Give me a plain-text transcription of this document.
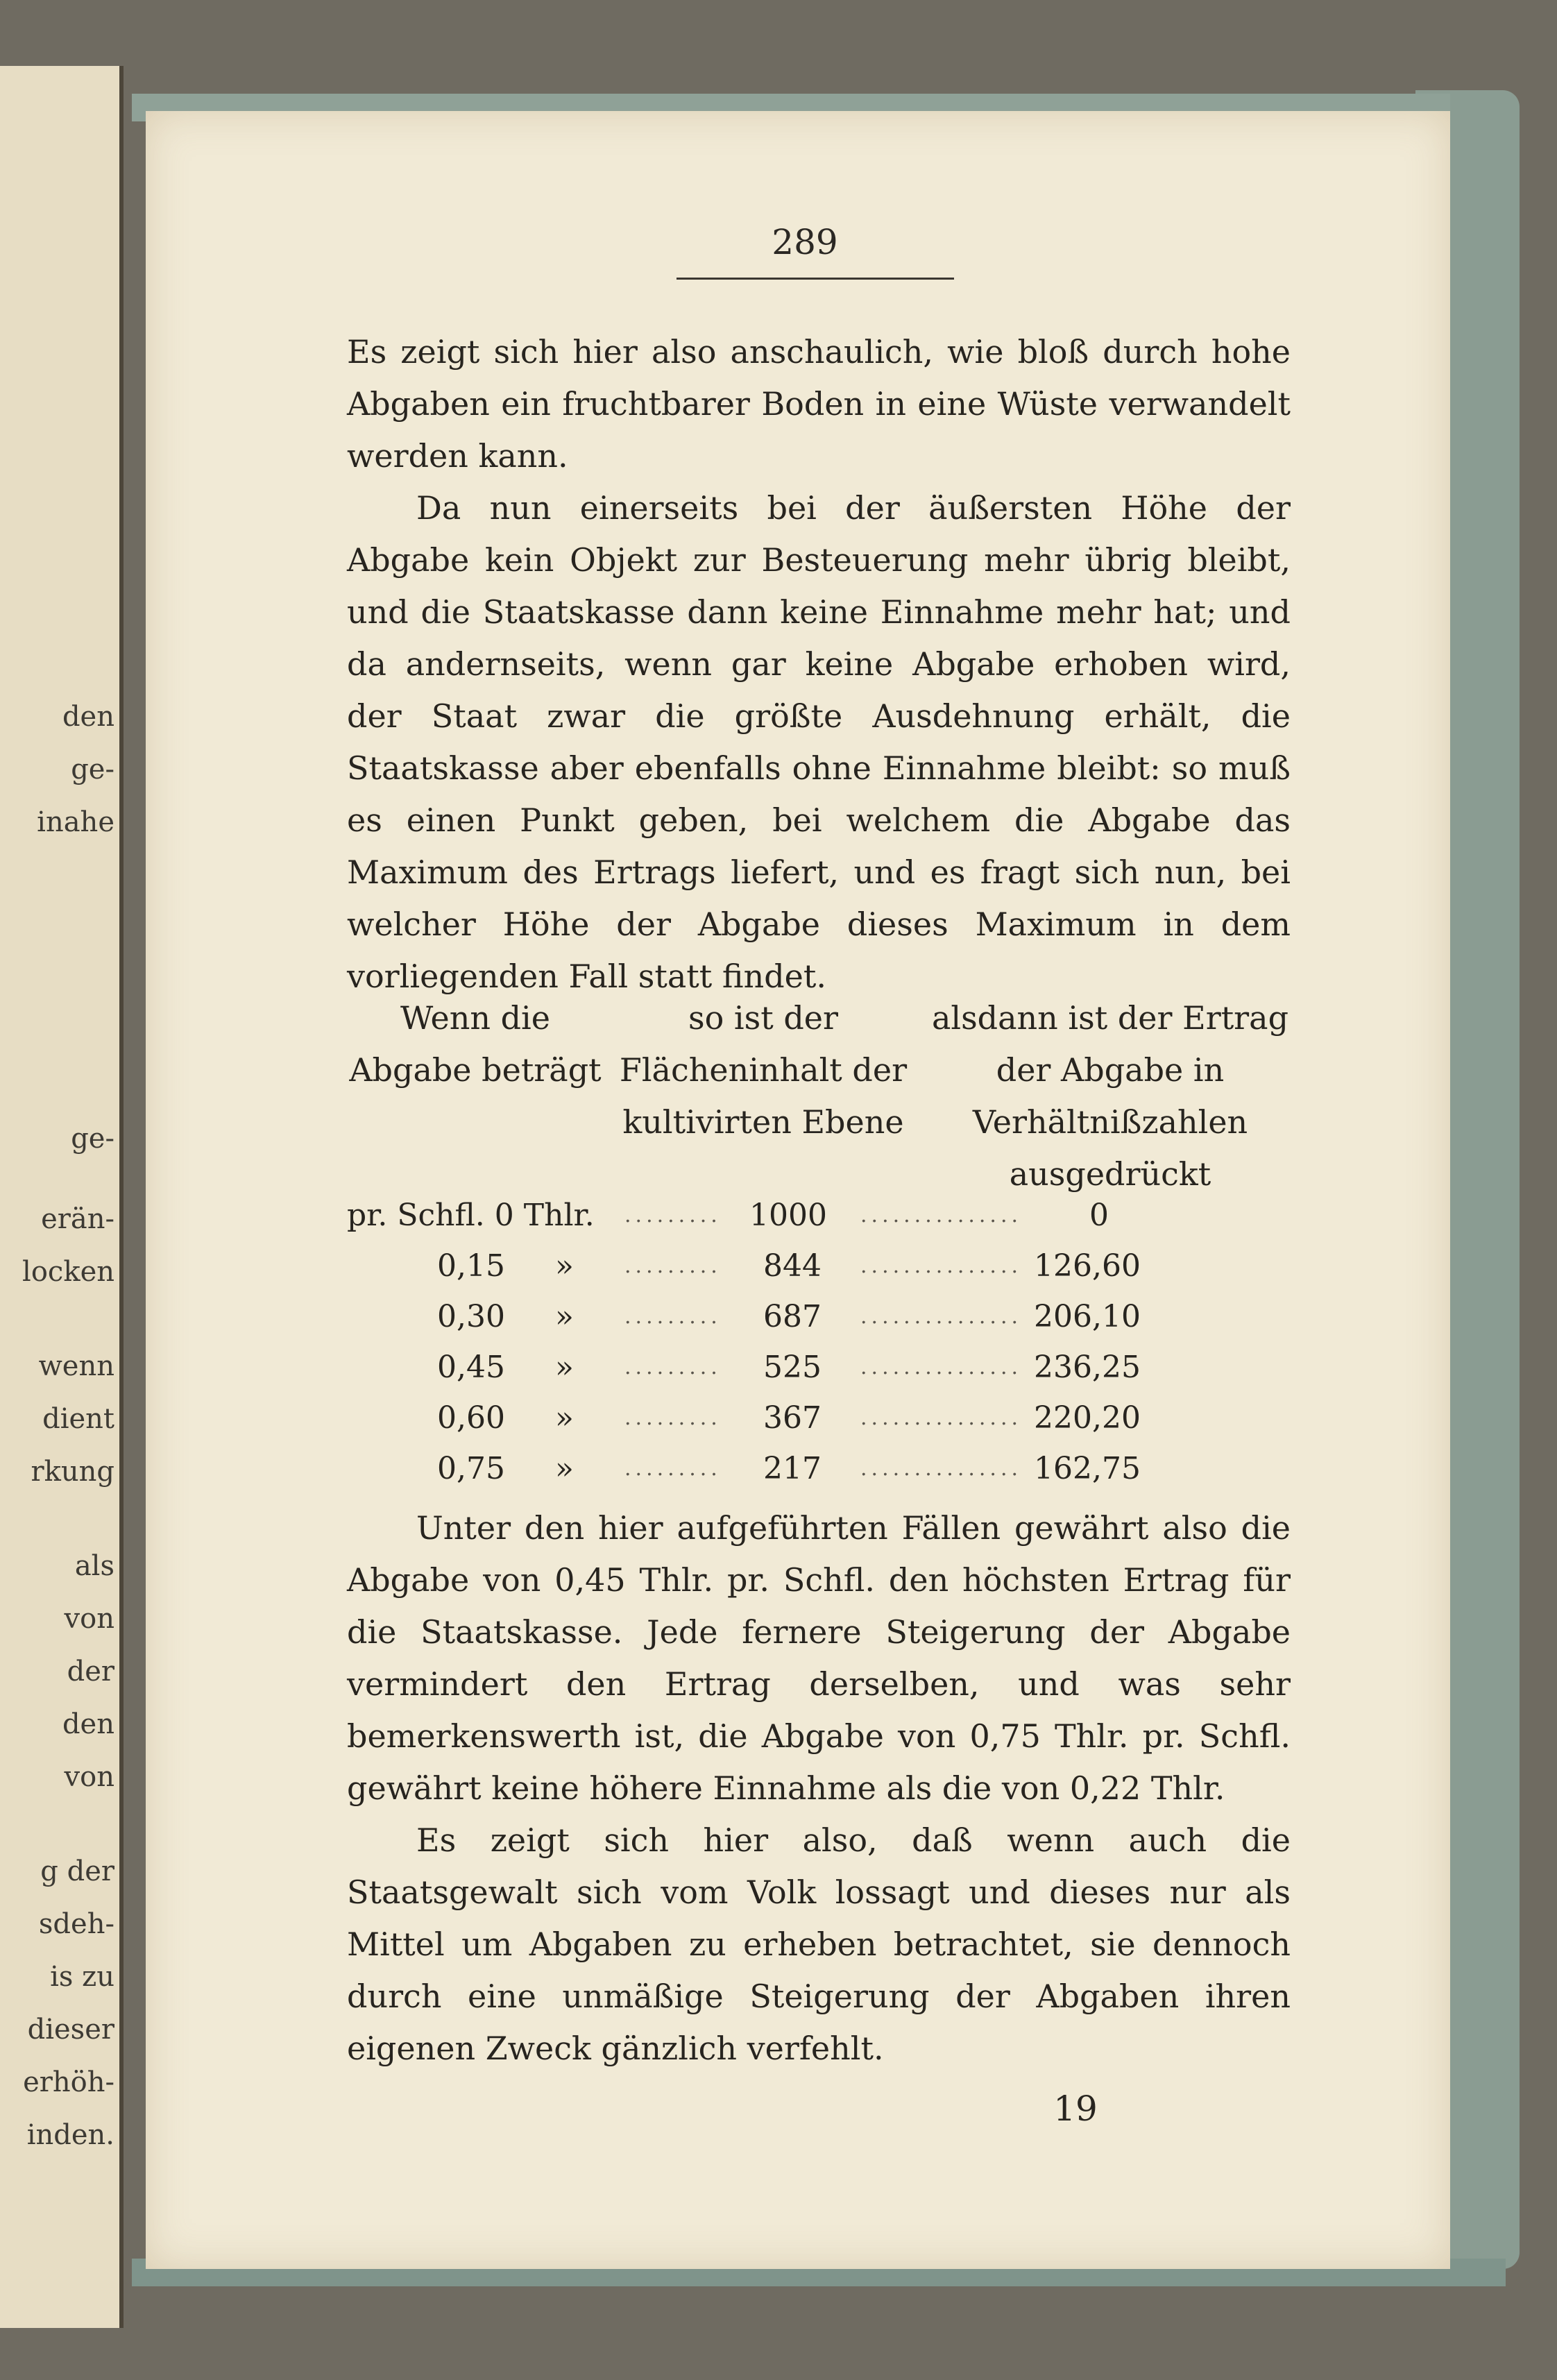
den
ge-
inahe
ge-
erän-
locken
wenn
dient
rkung
als
von
der
den
von
g der
sdeh-
is zu
dieser
erhöh-
inden.
289

Es zeigt sich hier also anschaulich, wie bloß durch hohe Abgaben ein fruchtbarer Boden in eine Wüste verwandelt werden kann.

Da nun einerseits bei der äußersten Höhe der Abgabe kein Objekt zur Besteuerung mehr übrig bleibt, und die Staatskasse dann keine Einnahme mehr hat; und da andernseits, wenn gar keine Abgabe erhoben wird, der Staat zwar die größte Ausdehnung erhält, die Staatskasse aber ebenfalls ohne Einnahme bleibt: so muß es einen Punkt geben, bei welchem die Abgabe das Maximum des Ertrags liefert, und es fragt sich nun, bei welcher Höhe der Abgabe dieses Maximum in dem vorliegenden Fall statt findet.

Wenn die Abgabe beträgt
so ist der Flächeninhalt der kultivirten Ebene
alsdann ist der Ertrag der Abgabe in Verhältnißzahlen ausgedrückt
pr. Schfl. 0 Thlr. ......... 1000 ............... 0
0,15 » ......... 844 ............... 126,60
0,30 » ......... 687 ............... 206,10
0,45 » ......... 525 ............... 236,25
0,60 » ......... 367 ............... 220,20
0,75 » ......... 217 ............... 162,75

Unter den hier aufgeführten Fällen gewährt also die Abgabe von 0,45 Thlr. pr. Schfl. den höchsten Ertrag für die Staatskasse. Jede fernere Steigerung der Abgabe vermindert den Ertrag derselben, und was sehr bemerkenswerth ist, die Abgabe von 0,75 Thlr. pr. Schfl. gewährt keine höhere Einnahme als die von 0,22 Thlr.

Es zeigt sich hier also, daß wenn auch die Staatsgewalt sich vom Volk lossagt und dieses nur als Mittel um Abgaben zu erheben betrachtet, sie dennoch durch eine unmäßige Steigerung der Abgaben ihren eigenen Zweck gänzlich verfehlt.

19
